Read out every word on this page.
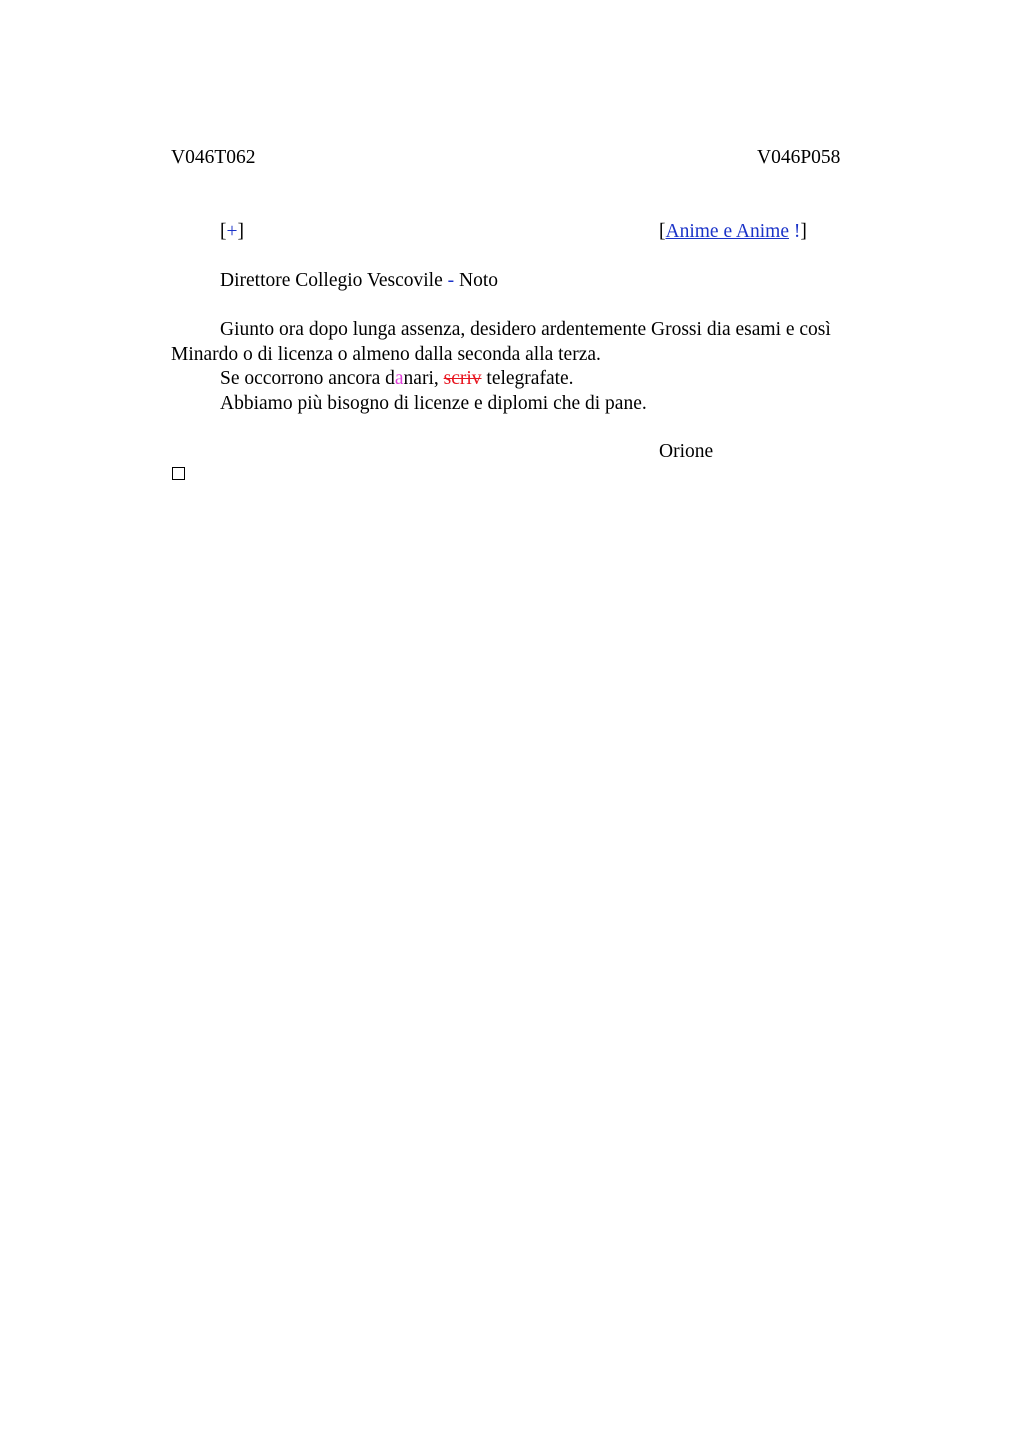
V046T062	V046P058
[+]	[Anime e Anime !]
Direttore Collegio Vescovile - Noto
Giunto ora dopo lunga assenza, desidero ardentemente Grossi dia esami e così Minardo o di licenza o almeno dalla seconda alla terza.
Se occorrono ancora danari, scriv telegrafate.
Abbiamo più bisogno di licenze e diplomi che di pane.
Orione
